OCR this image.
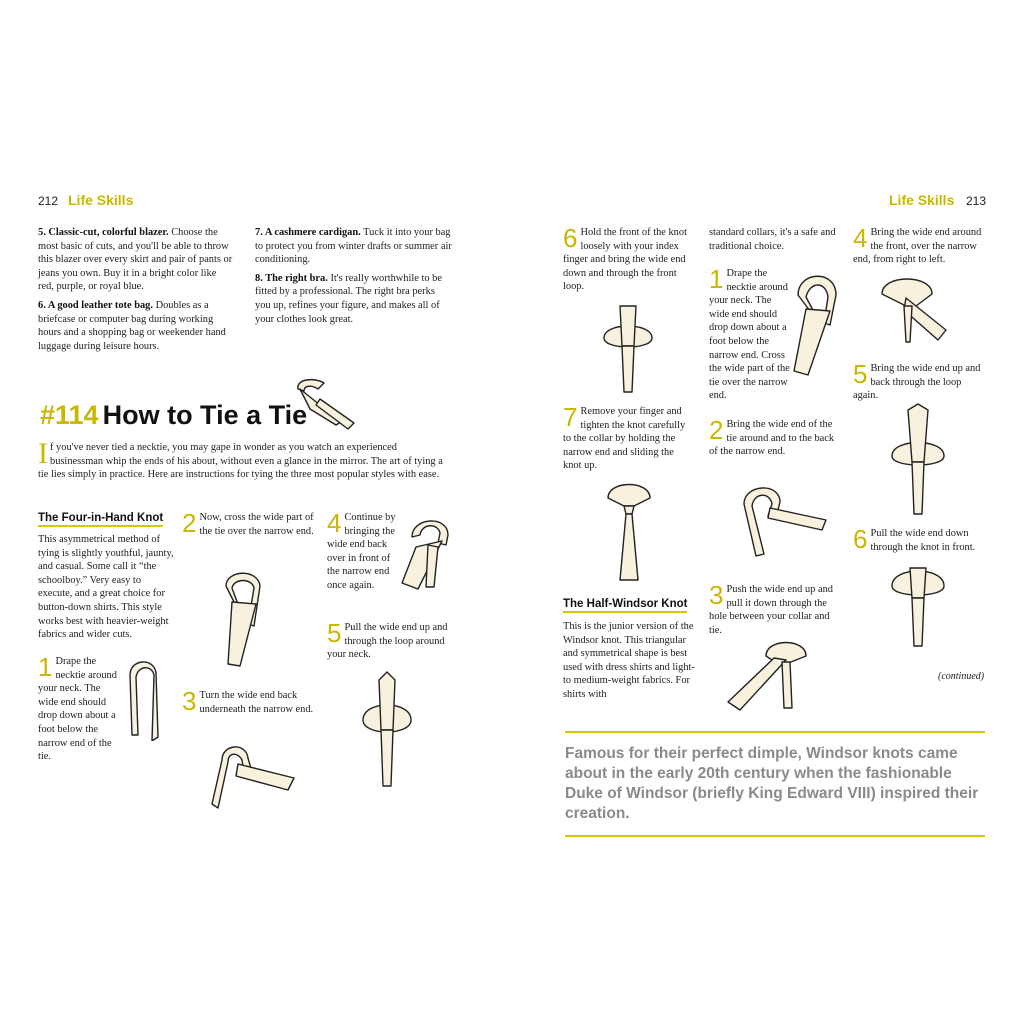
212 Life Skills

5. Classic-cut, colorful blazer. Choose the most basic of cuts, and you'll be able to throw this blazer over every skirt and pair of pants or jeans you own. Buy it in a bright color like red, purple, or royal blue.

6. A good leather tote bag. Doubles as a briefcase or computer bag during working hours and a shopping bag or weekender hand luggage during leisure hours.

7. A cashmere cardigan. Tuck it into your bag to protect you from winter drafts or summer air conditioning.

8. The right bra. It's really worthwhile to be fitted by a professional. The right bra perks you up, refines your figure, and makes all of your clothes look great.

#114 How to Tie a Tie
If you've never tied a necktie, you may gape in wonder as you watch an experienced businessman whip the ends of his about, without even a glance in the mirror. The art of tying a tie lies simply in practice. Here are instructions for tying the three most popular styles with ease.
The Four-in-Hand Knot
This asymmetrical method of tying is slightly youthful, jaunty, and casual. Some call it “the schoolboy.” Very easy to execute, and a great choice for button-down shirts. This style works best with heavier-weight fabrics and wider cuts.
1 Drape the necktie around your neck. The wide end should drop down about a foot below the narrow end of the tie.
2 Now, cross the wide part of the tie over the narrow end.
3 Turn the wide end back underneath the narrow end.
4 Continue by bringing the wide end back over in front of the narrow end once again.
5 Pull the wide end up and through the loop around your neck.
Life Skills 213
6 Hold the front of the knot loosely with your index finger and bring the wide end down and through the front loop.
7 Remove your finger and tighten the knot carefully to the collar by holding the narrow end and sliding the knot up.
The Half-Windsor Knot
This is the junior version of the Windsor knot. This triangular and symmetrical shape is best used with dress shirts and light- to medium-weight fabrics. For shirts with
standard collars, it's a safe and traditional choice.
1 Drape the necktie around your neck. The wide end should drop down about a foot below the narrow end. Cross the wide part of the tie over the narrow end.
2 Bring the wide end of the tie around and to the back of the narrow end.
3 Push the wide end up and pull it down through the hole between your collar and tie.
(continued)
4 Bring the wide end around the front, over the narrow end, from right to left.
5 Bring the wide end up and back through the loop again.
6 Pull the wide end down through the knot in front.
Famous for their perfect dimple, Windsor knots came about in the early 20th century when the fashionable Duke of Windsor (briefly King Edward VIII) inspired their creation.
